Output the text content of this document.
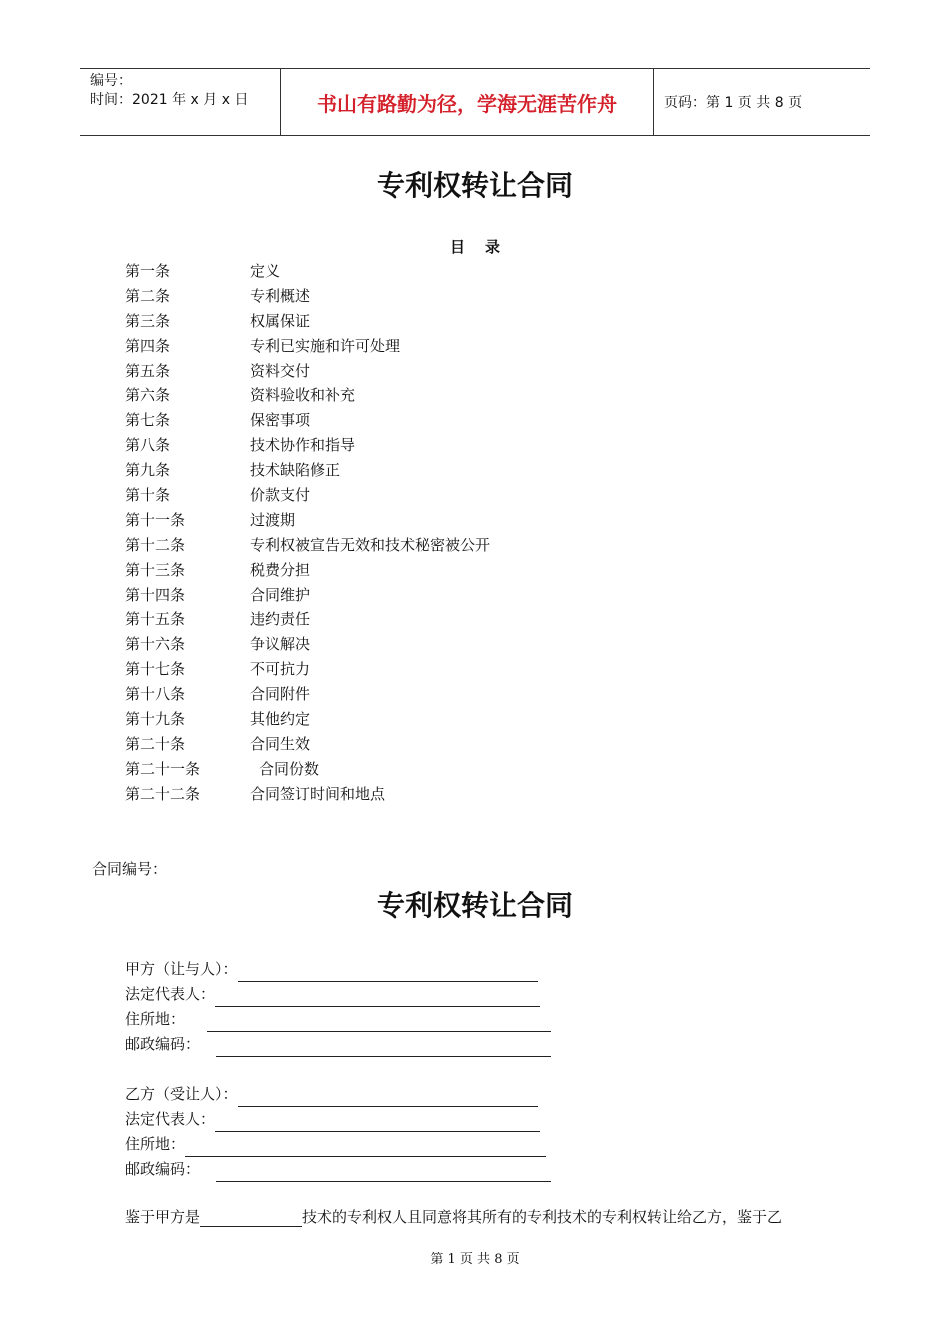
编号：
时间：2021 年 x 月 x 日	书山有路勤为径，学海无涯苦作舟	页码：第 1 页 共 8 页
专利权转让合同
目录
第一条	定义
第二条	专利概述
第三条	权属保证
第四条	专利已实施和许可处理
第五条	资料交付
第六条	资料验收和补充
第七条	保密事项
第八条	技术协作和指导
第九条	技术缺陷修正
第十条	价款支付
第十一条	过渡期
第十二条	专利权被宣告无效和技术秘密被公开
第十三条	税费分担
第十四条	合同维护
第十五条	违约责任
第十六条	争议解决
第十七条	不可抗力
第十八条	合同附件
第十九条	其他约定
第二十条	合同生效
第二十一条	合同份数
第二十二条	合同签订时间和地点
合同编号：
专利权转让合同
甲方（让与人）：
法定代表人：
住所地：
邮政编码：
乙方（受让人）：
法定代表人：
住所地：
邮政编码：
鉴于甲方是	技术的专利权人且同意将其所有的专利技术的专利权转让给乙方，鉴于乙
第 1 页 共 8 页
